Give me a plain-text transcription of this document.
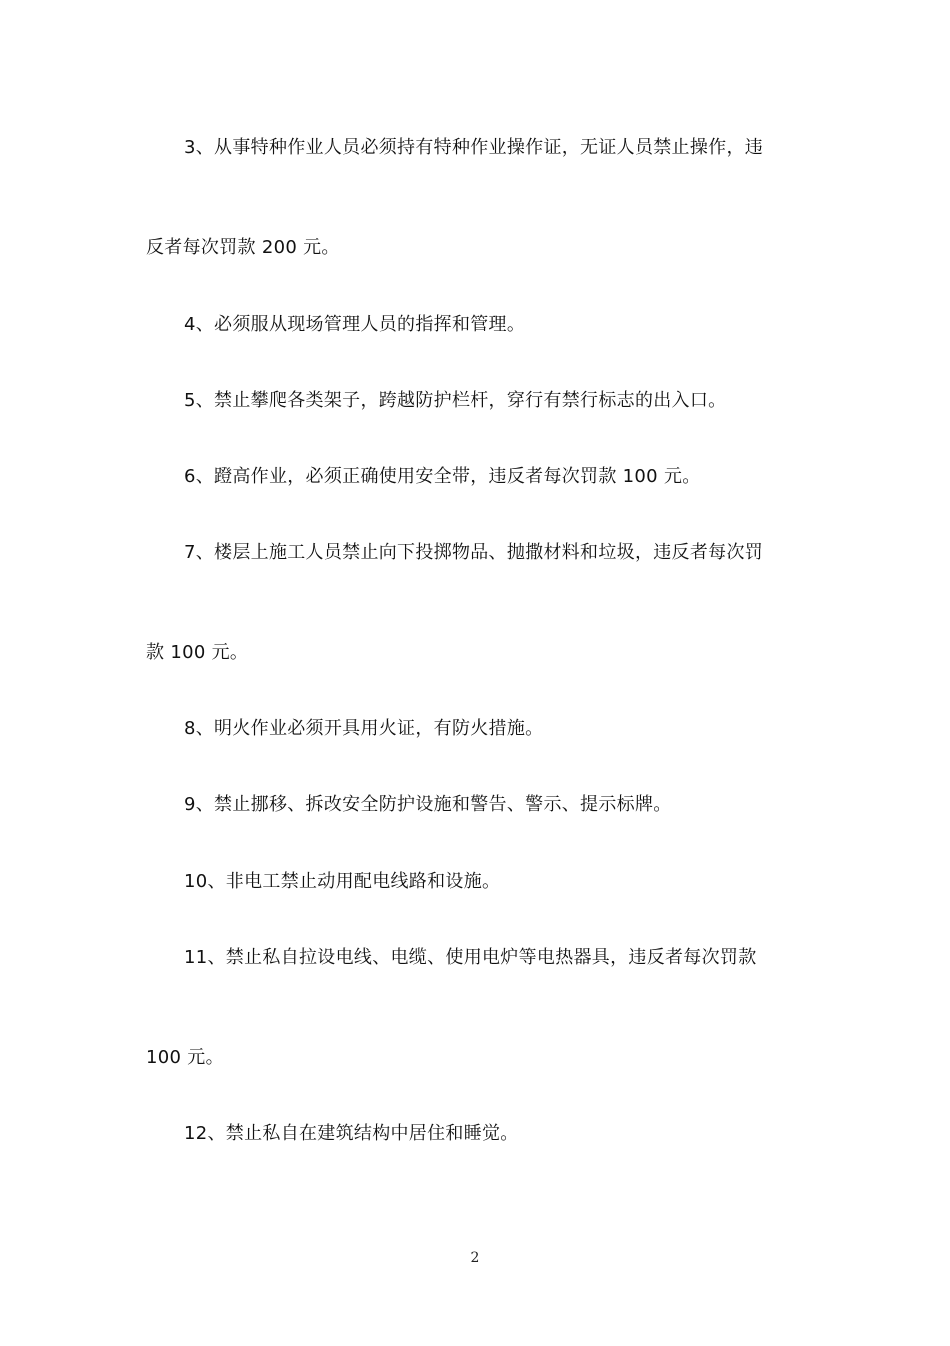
3、从事特种作业人员必须持有特种作业操作证，无证人员禁止操作，违
反者每次罚款 200 元。
4、必须服从现场管理人员的指挥和管理。
5、禁止攀爬各类架子，跨越防护栏杆，穿行有禁行标志的出入口。
6、蹬高作业，必须正确使用安全带，违反者每次罚款 100 元。
7、楼层上施工人员禁止向下投掷物品、抛撒材料和垃圾，违反者每次罚
款 100 元。
8、明火作业必须开具用火证，有防火措施。
9、禁止挪移、拆改安全防护设施和警告、警示、提示标牌。
10、非电工禁止动用配电线路和设施。
11、禁止私自拉设电线、电缆、使用电炉等电热器具，违反者每次罚款
100 元。
12、禁止私自在建筑结构中居住和睡觉。
2
